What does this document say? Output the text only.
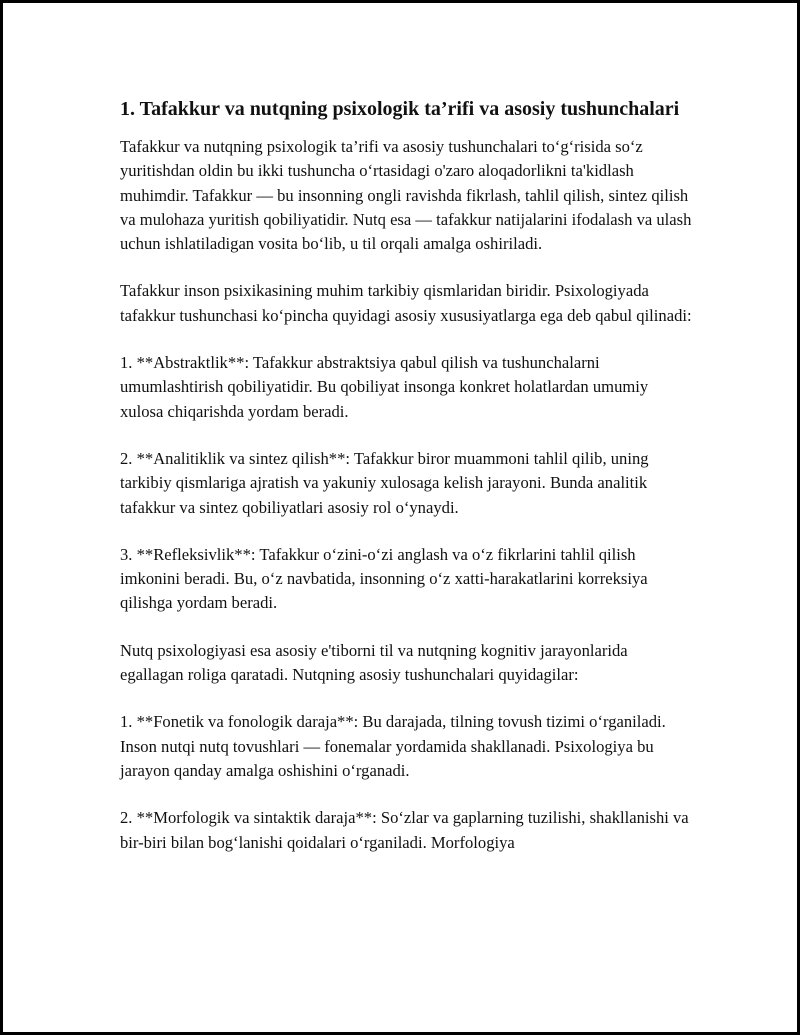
1. Tafakkur va nutqning psixologik ta’rifi va asosiy tushunchalari

Tafakkur va nutqning psixologik ta’rifi va asosiy tushunchalari to‘g‘risida so‘z yuritishdan oldin bu ikki tushuncha o‘rtasidagi o'zaro aloqadorlikni ta'kidlash muhimdir. Tafakkur — bu insonning ongli ravishda fikrlash, tahlil qilish, sintez qilish va mulohaza yuritish qobiliyatidir. Nutq esa — tafakkur natijalarini ifodalash va ulash uchun ishlatiladigan vosita bo‘lib, u til orqali amalga oshiriladi.

Tafakkur inson psixikasining muhim tarkibiy qismlaridan biridir. Psixologiyada tafakkur tushunchasi ko‘pincha quyidagi asosiy xususiyatlarga ega deb qabul qilinadi:

1. **Abstraktlik**: Tafakkur abstraktsiya qabul qilish va tushunchalarni umumlashtirish qobiliyatidir. Bu qobiliyat insonga konkret holatlardan umumiy xulosa chiqarishda yordam beradi.

2. **Analitiklik va sintez qilish**: Tafakkur biror muammoni tahlil qilib, uning tarkibiy qismlariga ajratish va yakuniy xulosaga kelish jarayoni. Bunda analitik tafakkur va sintez qobiliyatlari asosiy rol o‘ynaydi.

3. **Refleksivlik**: Tafakkur o‘zini-o‘zi anglash va o‘z fikrlarini tahlil qilish imkonini beradi. Bu, o‘z navbatida, insonning o‘z xatti-harakatlarini korreksiya qilishga yordam beradi.

Nutq psixologiyasi esa asosiy e'tiborni til va nutqning kognitiv jarayonlarida egallagan roliga qaratadi. Nutqning asosiy tushunchalari quyidagilar:

1. **Fonetik va fonologik daraja**: Bu darajada, tilning tovush tizimi o‘rganiladi. Inson nutqi nutq tovushlari — fonemalar yordamida shakllanadi. Psixologiya bu jarayon qanday amalga oshishini o‘rganadi.

2. **Morfologik va sintaktik daraja**: So‘zlar va gaplarning tuzilishi, shakllanishi va bir-biri bilan bog‘lanishi qoidalari o‘rganiladi. Morfologiya
